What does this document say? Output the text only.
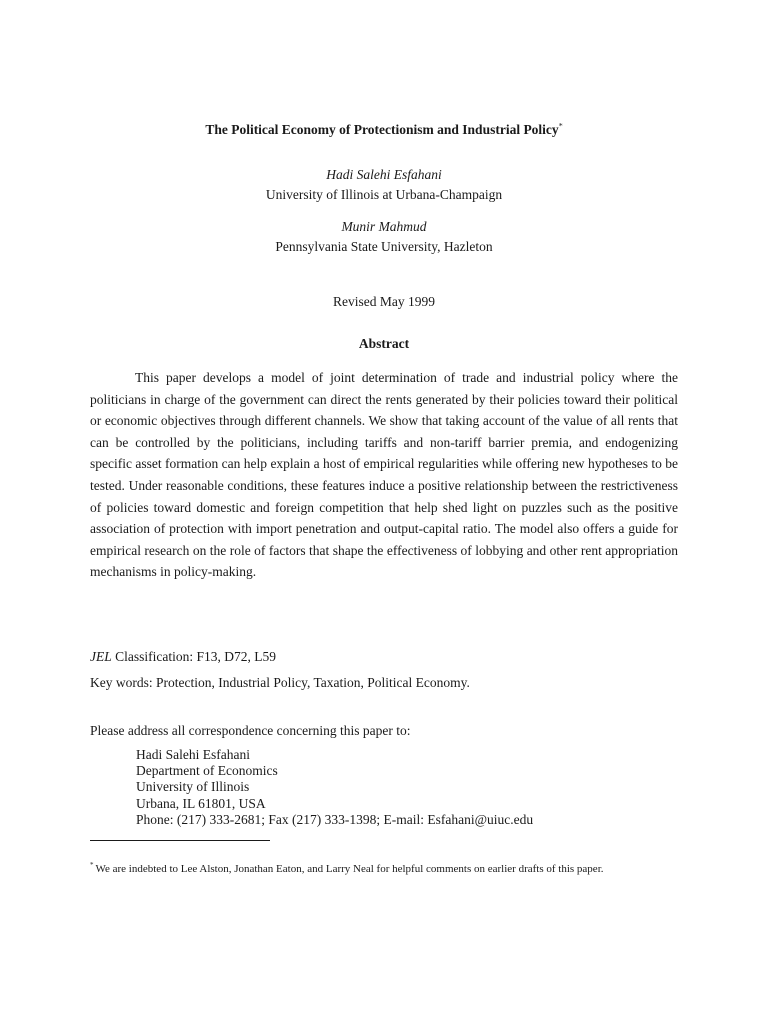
The Political Economy of Protectionism and Industrial Policy*
Hadi Salehi Esfahani
University of Illinois at Urbana-Champaign
Munir Mahmud
Pennsylvania State University, Hazleton
Revised May 1999
Abstract

This paper develops a model of joint determination of trade and industrial policy where the politicians in charge of the government can direct the rents generated by their policies toward their political or economic objectives through different channels. We show that taking account of the value of all rents that can be controlled by the politicians, including tariffs and non-tariff barrier premia, and endogenizing specific asset formation can help explain a host of empirical regularities while offering new hypotheses to be tested. Under reasonable conditions, these features induce a positive relationship between the restrictiveness of policies toward domestic and foreign competition that help shed light on puzzles such as the positive association of protection with import penetration and output-capital ratio. The model also offers a guide for empirical research on the role of factors that shape the effectiveness of lobbying and other rent appropriation mechanisms in policy-making.

JEL Classification: F13, D72, L59
Key words: Protection, Industrial Policy, Taxation, Political Economy.
Please address all correspondence concerning this paper to:
Hadi Salehi Esfahani
Department of Economics
University of Illinois
Urbana, IL 61801, USA
Phone: (217) 333-2681; Fax (217) 333-1398; E-mail: Esfahani@uiuc.edu
* We are indebted to Lee Alston, Jonathan Eaton, and Larry Neal for helpful comments on earlier drafts of this paper.
